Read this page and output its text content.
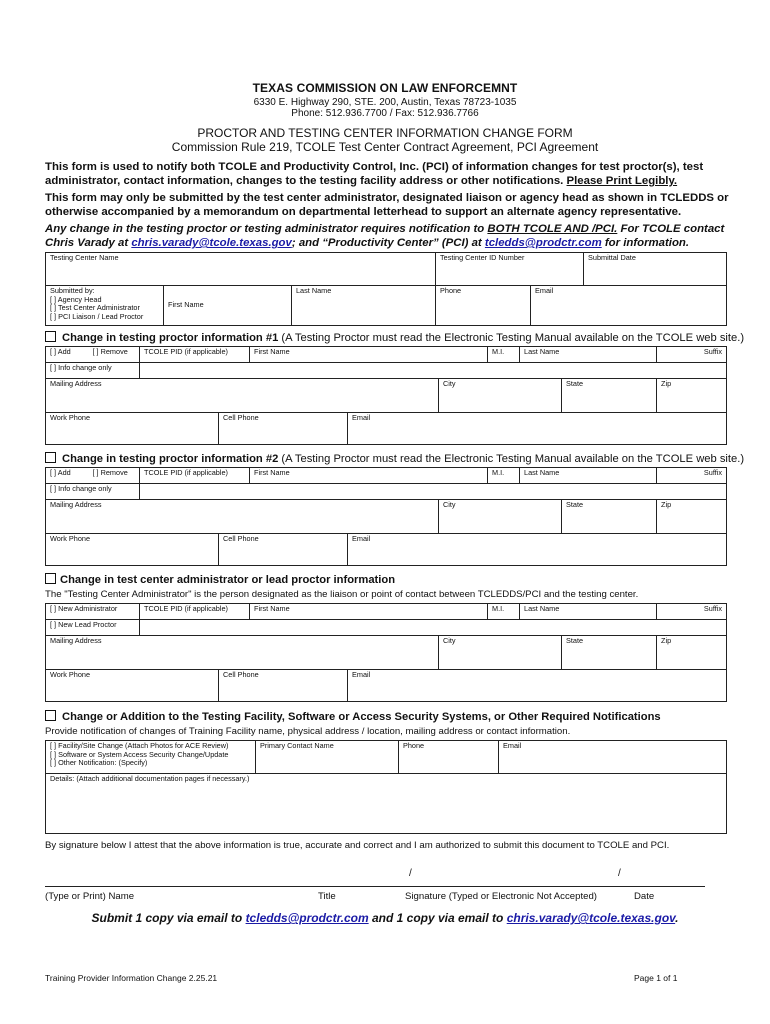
TEXAS COMMISSION ON LAW ENFORCEMNT
6330 E. Highway 290, STE. 200, Austin, Texas 78723-1035
Phone: 512.936.7700 / Fax: 512.936.7766
PROCTOR AND TESTING CENTER INFORMATION CHANGE FORM
Commission Rule 219, TCOLE Test Center Contract Agreement, PCI Agreement
This form is used to notify both TCOLE and Productivity Control, Inc. (PCI) of information changes for test proctor(s), test administrator, contact information, changes to the testing facility address or other notifications. Please Print Legibly.
This form may only be submitted by the test center administrator, designated liaison or agency head as shown in TCLEDDS or otherwise accompanied by a memorandum on departmental letterhead to support an alternate agency representative.
Any change in the testing proctor or testing administrator requires notification to BOTH TCOLE AND /PCI. For TCOLE contact Chris Varady at chris.varady@tcole.texas.gov; and “Productivity Center” (PCI) at tcledds@prodctr.com for information.
Testing Center Name			Testing Center ID Number		Submittal Date

Submitted by:
[ ] Agency Head
[ ] Test Center Administrator
[ ] PCI Liaison / Lead Proctor	First Name	Last Name	Phone	Email	
Change in testing proctor information #1 (A Testing Proctor must read the Electronic Testing Manual available on the TCOLE web site.)
[ ] Add	[ ] Remove	TCOLE PID (if applicable)		First Name			M.I.	Last Name		Suffix
[ ] Info change only										
Mailing Address						City			State	Zip
Work Phone			Cell Phone		Email					
Change in testing proctor information #2 (A Testing Proctor must read the Electronic Testing Manual available on the TCOLE web site.)
[ ] Add	[ ] Remove	TCOLE PID (if applicable)		First Name			M.I.	Last Name		Suffix
[ ] Info change only										
Mailing Address						City			State	Zip
Work Phone			Cell Phone		Email					
Change in test center administrator or lead proctor information
The "Testing Center Administrator" is the person designated as the liaison or point of contact between TCLEDDS/PCI and the testing center.
[ ] New Administrator	TCOLE PID (if applicable)		First Name			M.I.	Last Name		Suffix
[ ] New Lead Proctor									
Mailing Address					City			State	Zip
Work Phone		Cell Phone		Email					
Change or Addition to the Testing Facility, Software or Access Security Systems, or Other Required Notifications
Provide notification of changes of Training Facility name, physical address / location, mailing address or contact information.
[ ] Facility/Site Change (Attach Photos for ACE Review)
[ ] Software or System Access Security Change/Update
[ ] Other Notification: (Specify)
	Primary Contact Name	Phone	Email
Details: (Attach additional documentation pages if necessary.)
By signature below I attest that the above information is true, accurate and correct and I am authorized to submit this document to TCOLE and PCI.
/	/
(Type or Print) Name	Title	Signature (Typed or Electronic Not Accepted)	Date
Submit 1 copy via email to tcledds@prodctr.com and 1 copy via email to chris.varady@tcole.texas.gov.
Training Provider Information Change 2.25.21	Page 1 of 1
